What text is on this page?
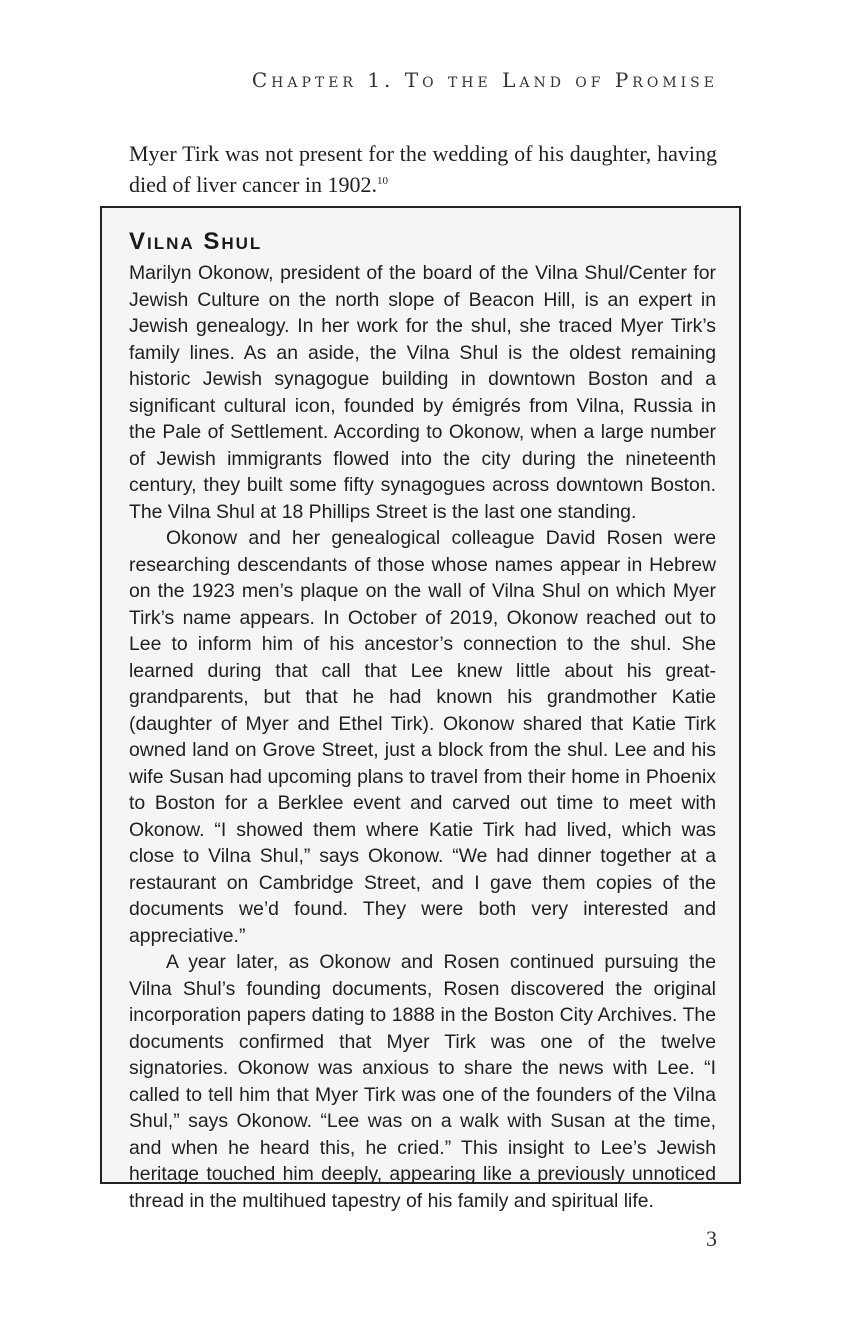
Chapter 1. To the Land of Promise

Myer Tirk was not present for the wedding of his daughter, having died of liver cancer in 1902.10

Vilna Shul

Marilyn Okonow, president of the board of the Vilna Shul/Center for Jewish Culture on the north slope of Beacon Hill, is an expert in Jewish genealogy. In her work for the shul, she traced Myer Tirk’s family lines. As an aside, the Vilna Shul is the oldest remaining historic Jewish synagogue building in downtown Boston and a significant cultural icon, founded by émigrés from Vilna, Russia in the Pale of Settlement. According to Okonow, when a large number of Jewish immigrants flowed into the city during the nineteenth century, they built some fifty synagogues across downtown Boston. The Vilna Shul at 18 Phillips Street is the last one standing.

Okonow and her genealogical colleague David Rosen were researching descendants of those whose names appear in Hebrew on the 1923 men’s plaque on the wall of Vilna Shul on which Myer Tirk’s name appears. In October of 2019, Okonow reached out to Lee to inform him of his ancestor’s connection to the shul. She learned during that call that Lee knew little about his great-grandparents, but that he had known his grandmother Katie (daughter of Myer and Ethel Tirk). Okonow shared that Katie Tirk owned land on Grove Street, just a block from the shul. Lee and his wife Susan had upcoming plans to travel from their home in Phoenix to Boston for a Berklee event and carved out time to meet with Okonow. “I showed them where Katie Tirk had lived, which was close to Vilna Shul,” says Okonow. “We had dinner together at a restaurant on Cambridge Street, and I gave them copies of the documents we’d found. They were both very interested and appreciative.”

A year later, as Okonow and Rosen continued pursuing the Vilna Shul’s founding documents, Rosen discovered the original incorporation papers dating to 1888 in the Boston City Archives. The documents confirmed that Myer Tirk was one of the twelve signatories. Okonow was anxious to share the news with Lee. “I called to tell him that Myer Tirk was one of the founders of the Vilna Shul,” says Okonow. “Lee was on a walk with Susan at the time, and when he heard this, he cried.” This insight to Lee’s Jewish heritage touched him deeply, appearing like a previously unnoticed thread in the multihued tapestry of his family and spiritual life.

3
